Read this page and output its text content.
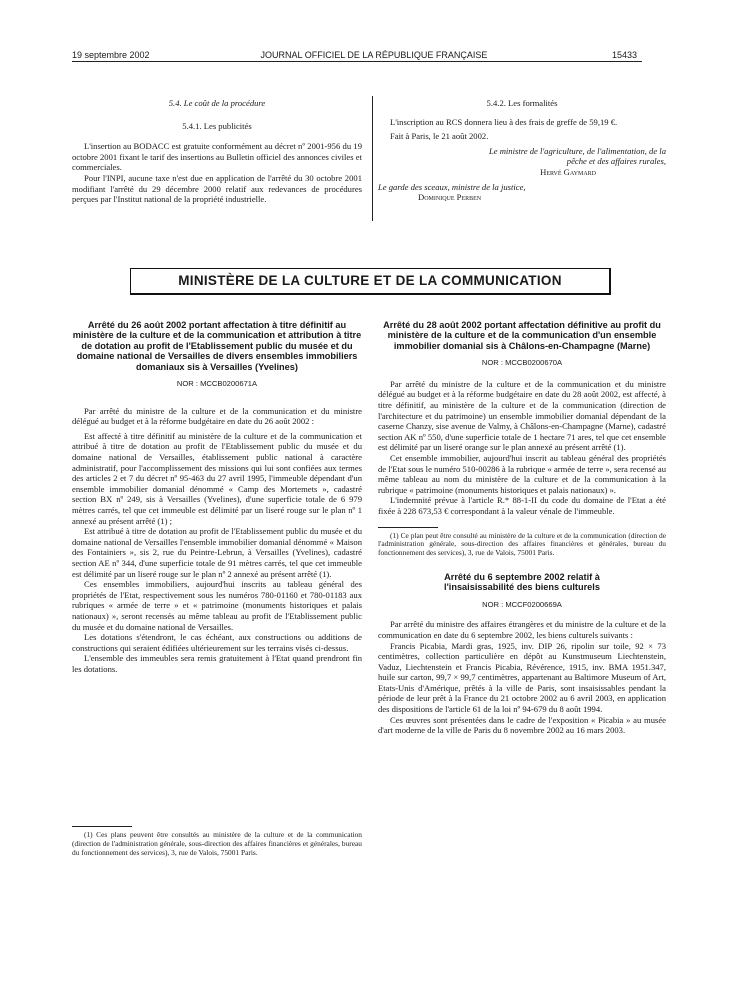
19 septembre 2002	JOURNAL OFFICIEL DE LA RÉPUBLIQUE FRANÇAISE	15433

5.4. Le coût de la procédure

5.4.1. Les publicités

L'insertion au BODACC est gratuite conformément au décret nº 2001-956 du 19 octobre 2001 fixant le tarif des insertions au Bulletin officiel des annonces civiles et commerciales.

Pour l'INPI, aucune taxe n'est due en application de l'arrêté du 30 octobre 2001 modifiant l'arrêté du 29 décembre 2000 relatif aux redevances de procédures perçues par l'Institut national de la propriété industrielle.

5.4.2. Les formalités

L'inscription au RCS donnera lieu à des frais de greffe de 59,19 €.

Fait à Paris, le 21 août 2002.

Le ministre de l'agriculture, de l'alimentation, de la pêche et des affaires rurales,

Hervé Gaymard

Le garde des sceaux, ministre de la justice,

Dominique Perben

MINISTÈRE DE LA CULTURE ET DE LA COMMUNICATION
Arrêté du 26 août 2002 portant affectation à titre définitif au ministère de la culture et de la communication et attribution à titre de dotation au profit de l'Etablissement public du musée et du domaine national de Versailles de divers ensembles immobiliers domaniaux sis à Versailles (Yvelines)
NOR : MCCB0200671A

Par arrêté du ministre de la culture et de la communication et du ministre délégué au budget et à la réforme budgétaire en date du 26 août 2002 :

Est affecté à titre définitif au ministère de la culture et de la communication et attribué à titre de dotation au profit de l'Etablissement public du musée et du domaine national de Versailles, établissement public national à caractère administratif, pour l'accomplissement des missions qui lui sont confiées aux termes des articles 2 et 7 du décret nº 95-463 du 27 avril 1995, l'immeuble dépendant d'un ensemble immobilier domanial dénommé « Camp des Mortemets », cadastré section BX nº 249, sis à Versailles (Yvelines), d'une superficie totale de 6 979 mètres carrés, tel que cet immeuble est délimité par un liseré rouge sur le plan nº 1 annexé au présent arrêté (1) ;

Est attribué à titre de dotation au profit de l'Etablissement public du musée et du domaine national de Versailles l'ensemble immobilier domanial dénommé « Maison des Fontainiers », sis 2, rue du Peintre-Lebrun, à Versailles (Yvelines), cadastré section AE nº 344, d'une superficie totale de 91 mètres carrés, tel que cet immeuble est délimité par un liseré rouge sur le plan nº 2 annexé au présent arrêté (1).

Ces ensembles immobiliers, aujourd'hui inscrits au tableau général des propriétés de l'Etat, respectivement sous les numéros 780-01160 et 780-01183 aux rubriques « armée de terre » et « patrimoine (monuments historiques et palais nationaux) », seront recensés au même tableau au profit de l'Etablissement public du musée et du domaine national de Versailles.

Les dotations s'étendront, le cas échéant, aux constructions ou additions de constructions qui seraient édifiées ultérieurement sur les terrains visés ci-dessus.

L'ensemble des immeubles sera remis gratuitement à l'Etat quand prendront fin les dotations.

(1) Ces plans peuvent être consultés au ministère de la culture et de la communication (direction de l'administration générale, sous-direction des affaires financières et générales, bureau du fonctionnement des services), 3, rue de Valois, 75001 Paris.

Arrêté du 28 août 2002 portant affectation définitive au profit du ministère de la culture et de la communication d'un ensemble immobilier domanial sis à Châlons-en-Champagne (Marne)
NOR : MCCB0200670A

Par arrêté du ministre de la culture et de la communication et du ministre délégué au budget et à la réforme budgétaire en date du 28 août 2002, est affecté, à titre définitif, au ministère de la culture et de la communication (direction de l'architecture et du patrimoine) un ensemble immobilier domanial dépendant de la caserne Chanzy, sise avenue de Valmy, à Châlons-en-Champagne (Marne), cadastré section AK nº 550, d'une superficie totale de 1 hectare 71 ares, tel que cet ensemble est délimité par un liseré orange sur le plan annexé au présent arrêté (1).

Cet ensemble immobilier, aujourd'hui inscrit au tableau général des propriétés de l'Etat sous le numéro 510-00286 à la rubrique « armée de terre », sera recensé au même tableau au nom du ministère de la culture et de la communication à la rubrique « patrimoine (monuments historiques et palais nationaux) ».

L'indemnité prévue à l'article R.* 88-1-II du code du domaine de l'Etat a été fixée à 228 673,53 € correspondant à la valeur vénale de l'immeuble.

(1) Ce plan peut être consulté au ministère de la culture et de la communication (direction de l'administration générale, sous-direction des affaires financières et générales, bureau du fonctionnement des services), 3, rue de Valois, 75001 Paris.

Arrêté du 6 septembre 2002 relatif à l'insaisissabilité des biens culturels
NOR : MCCF0200669A

Par arrêté du ministre des affaires étrangères et du ministre de la culture et de la communication en date du 6 septembre 2002, les biens culturels suivants :

Francis Picabia, Mardi gras, 1925, inv. DIP 26, ripolin sur toile, 92 × 73 centimètres, collection particulière en dépôt au Kunstmuseum Liechtenstein, Vaduz, Liechtenstein et Francis Picabia, Révérence, 1915, inv. BMA 1951.347, huile sur carton, 99,7 × 99,7 centimètres, appartenant au Baltimore Museum of Art, Etats-Unis d'Amérique, prêtés à la ville de Paris, sont insaisissables pendant la période de leur prêt à la France du 21 octobre 2002 au 6 avril 2003, en application des dispositions de l'article 61 de la loi nº 94-679 du 8 août 1994.

Ces œuvres sont présentées dans le cadre de l'exposition « Picabia » au musée d'art moderne de la ville de Paris du 8 novembre 2002 au 16 mars 2003.
